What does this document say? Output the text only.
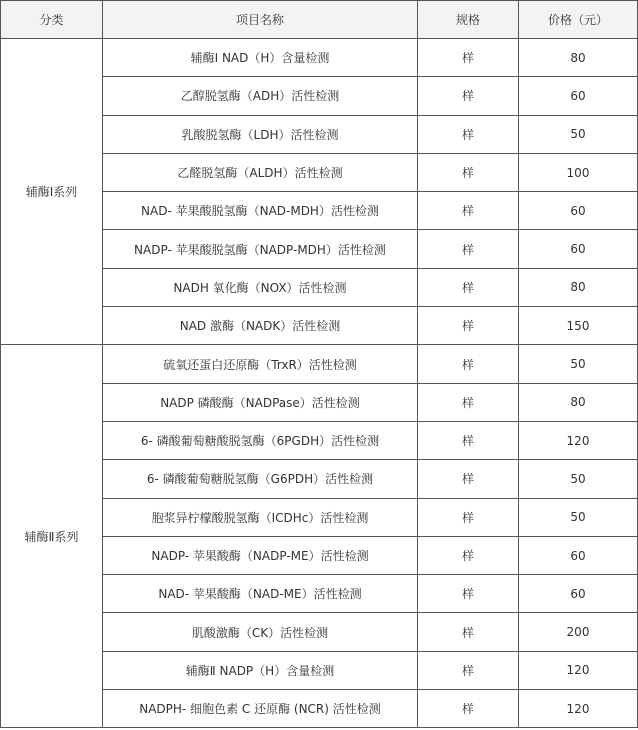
分类	项目名称	规格	价格（元）
辅酶Ⅰ系列	辅酶Ⅰ NAD（H）含量检测	样	80
	乙醇脱氢酶（ADH）活性检测	样	60
	乳酸脱氢酶（LDH）活性检测	样	50
	乙醛脱氢酶（ALDH）活性检测	样	100
	NAD- 苹果酸脱氢酶（NAD-MDH）活性检测	样	60
	NADP- 苹果酸脱氢酶（NADP-MDH）活性检测	样	60
	NADH 氧化酶（NOX）活性检测	样	80
	NAD 激酶（NADK）活性检测	样	150
辅酶Ⅱ系列	硫氧还蛋白还原酶（TrxR）活性检测	样	50
	NADP 磷酸酶（NADPase）活性检测	样	80
	6- 磷酸葡萄糖酸脱氢酶（6PGDH）活性检测	样	120
	6- 磷酸葡萄糖脱氢酶（G6PDH）活性检测	样	50
	胞浆异柠檬酸脱氢酶（ICDHc）活性检测	样	50
	NADP- 苹果酸酶（NADP-ME）活性检测	样	60
	NAD- 苹果酸酶（NAD-ME）活性检测	样	60
	肌酸激酶（CK）活性检测	样	200
	辅酶Ⅱ NADP（H）含量检测	样	120
	NADPH- 细胞色素 C 还原酶 (NCR) 活性检测	样	120
